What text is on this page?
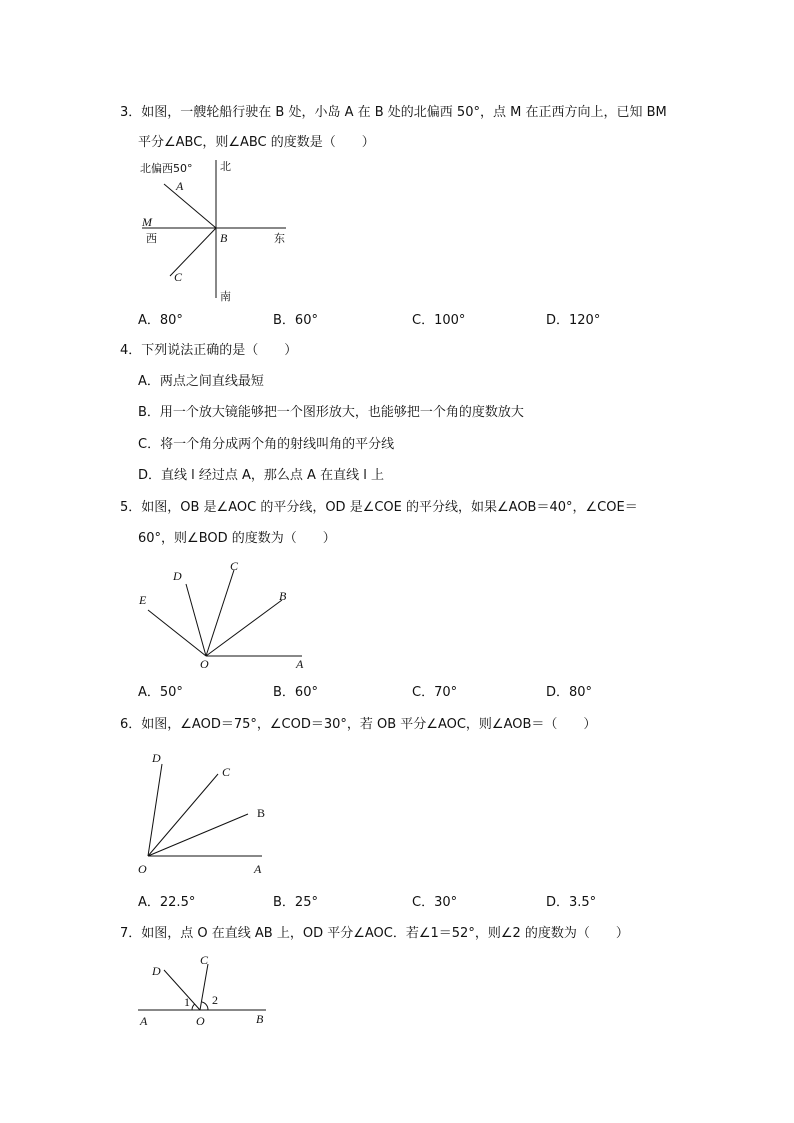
3．如图，一艘轮船行驶在 B 处，小岛 A 在 B 处的北偏西 50°，点 M 在正西方向上，已知 BM
平分∠ABC，则∠ABC 的度数是（　　）
北偏西50°	北
南
东
西
A
B
C
M
A．80°	B．60°	C．100°	D．120°
4．下列说法正确的是（　　）
A．两点之间直线最短
B．用一个放大镜能够把一个图形放大，也能够把一个角的度数放大
C．将一个角分成两个角的射线叫角的平分线
D．直线 l 经过点 A，那么点 A 在直线 l 上
5．如图，OB 是∠AOC 的平分线，OD 是∠COE 的平分线，如果∠AOB＝40°，∠COE＝
60°，则∠BOD 的度数为（　　）
O	A
B
C
D
E
A．50°	B．60°	C．70°	D．80°
6．如图，∠AOD＝75°，∠COD＝30°，若 OB 平分∠AOC，则∠AOB＝（　　）
O	A
B
C
D
A．22.5°	B．25°	C．30°	D．3.5°
7．如图，点 O 在直线 AB 上，OD 平分∠AOC．若∠1＝52°，则∠2 的度数为（　　）
A	B
C
D
O
1 2
